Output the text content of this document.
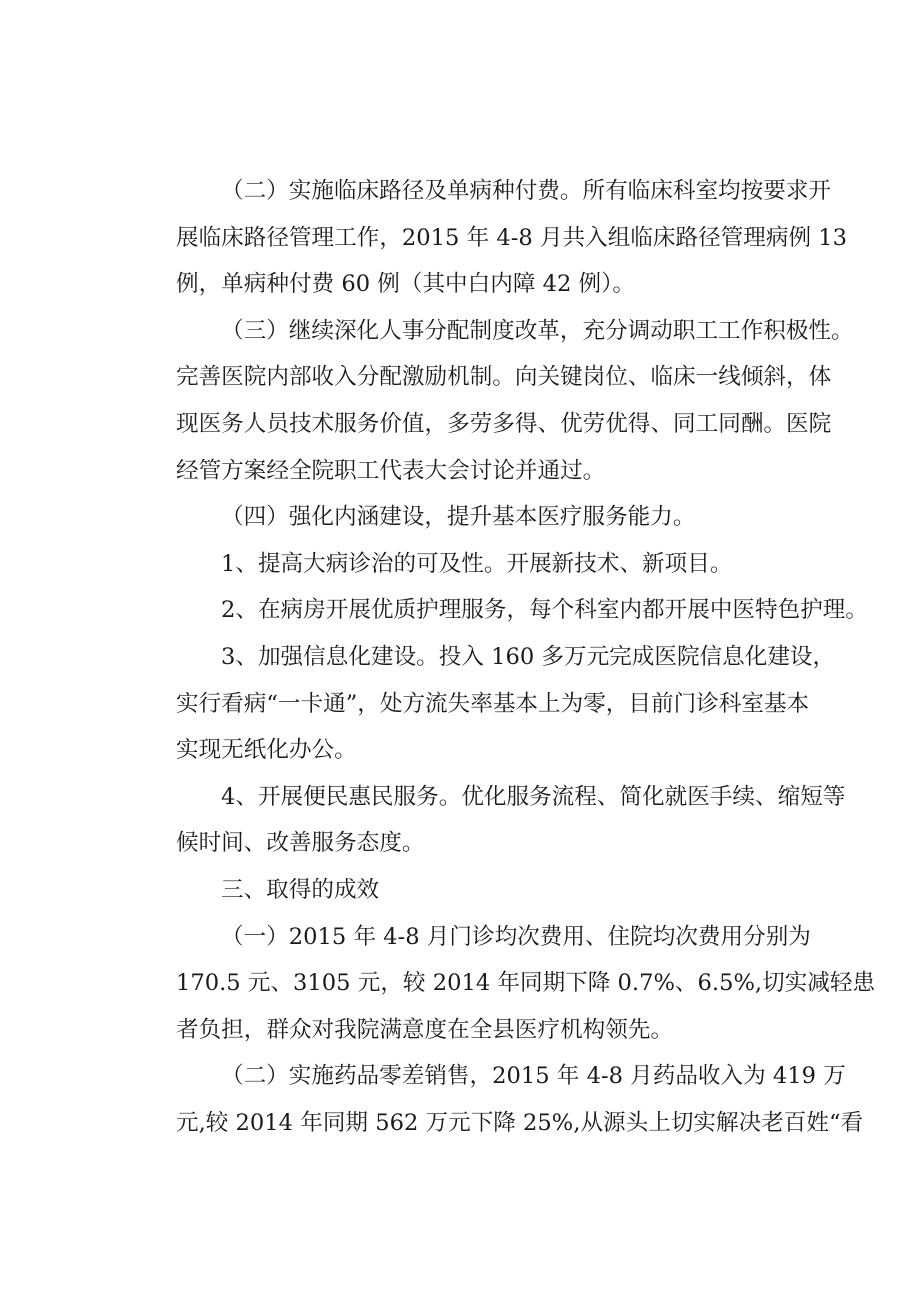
（二）实施临床路径及单病种付费。所有临床科室均按要求开
展临床路径管理工作，2015 年 4-8 月共入组临床路径管理病例 13
例，单病种付费 60 例（其中白内障 42 例）。
（三）继续深化人事分配制度改革，充分调动职工工作积极性。
完善医院内部收入分配激励机制。向关键岗位、临床一线倾斜，体
现医务人员技术服务价值，多劳多得、优劳优得、同工同酬。医院
经管方案经全院职工代表大会讨论并通过。
（四）强化内涵建设，提升基本医疗服务能力。
1、提高大病诊治的可及性。开展新技术、新项目。
2、在病房开展优质护理服务，每个科室内都开展中医特色护理。
3、加强信息化建设。投入 160 多万元完成医院信息化建设，
实行看病“一卡通”，处方流失率基本上为零，目前门诊科室基本
实现无纸化办公。
4、开展便民惠民服务。优化服务流程、简化就医手续、缩短等
候时间、改善服务态度。
三、取得的成效
（一）2015 年 4-8 月门诊均次费用、住院均次费用分别为
170.5 元、3105 元，较 2014 年同期下降 0.7%、6.5%,切实减轻患
者负担，群众对我院满意度在全县医疗机构领先。
（二）实施药品零差销售，2015 年 4-8 月药品收入为 419 万
元,较 2014 年同期 562 万元下降 25%,从源头上切实解决老百姓“看
